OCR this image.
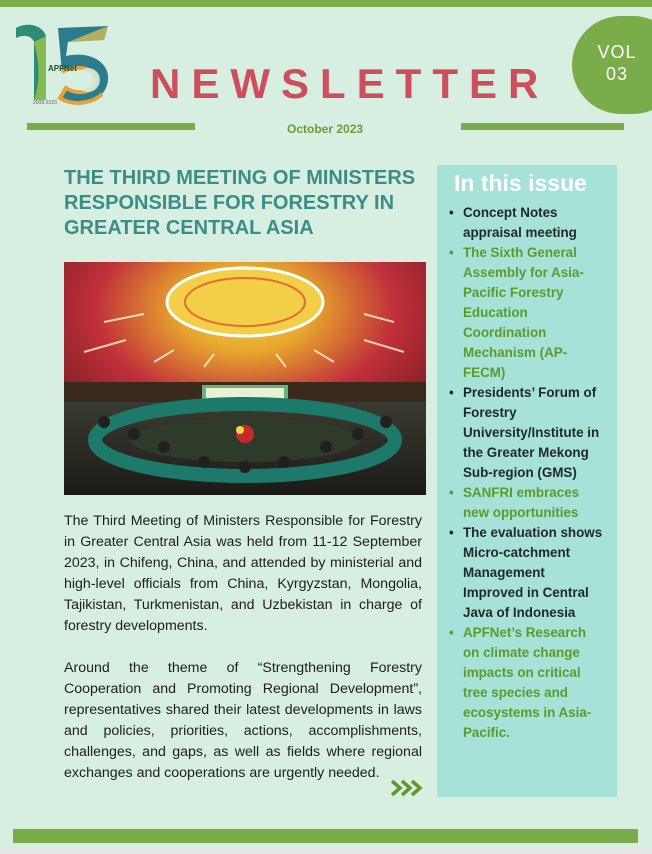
APFNet
2008-2023 NEWSLETTER
VOL
03
October 2023
THE THIRD MEETING OF MINISTERS RESPONSIBLE FOR FORESTRY IN GREATER CENTRAL ASIA

The Third Meeting of Ministers Responsible for Forestry in Greater Central Asia was held from 11-12 September 2023, in Chifeng, China, and attended by ministerial and high-level officials from China, Kyrgyzstan, Mongolia, Tajikistan, Turkmenistan, and Uzbekistan in charge of forestry developments.

Around the theme of “Strengthening Forestry Cooperation and Promoting Regional Development”, representatives shared their latest developments in laws and policies, priorities, actions, accomplishments, challenges, and gaps, as well as fields where regional exchanges and cooperations are urgently needed.

In this issue
• Concept Notes appraisal meeting
• The Sixth General Assembly for Asia-Pacific Forestry Education Coordination Mechanism (AP-FECM)
• Presidents’ Forum of Forestry University/Institute in the Greater Mekong Sub-region (GMS)
• SANFRI embraces new opportunities
• The evaluation shows Micro-catchment Management Improved in Central Java of Indonesia
• APFNet’s Research on climate change impacts on critical tree species and ecosystems in Asia-Pacific.
